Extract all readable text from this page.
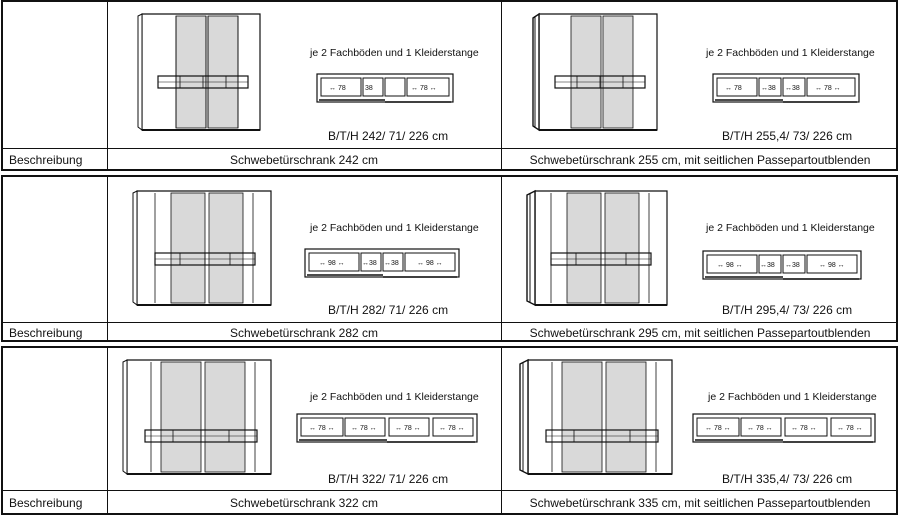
je 2 Fachböden und 1 Kleiderstange
↔ 78	38	↔ 78 ↔
B/T/H 242/ 71/ 226 cm
je 2 Fachböden und 1 Kleiderstange
↔ 78	↔38 ↔38 ↔ 78 ↔
B/T/H 255,4/ 73/ 226 cm
Beschreibung	Schwebetürschrank 242 cm	Schwebetürschrank 255 cm, mit seitlichen Passepartoutblenden
je 2 Fachböden und 1 Kleiderstange
↔ 98 ↔ ↔38 ↔38	↔ 98 ↔
B/T/H 282/ 71/ 226 cm
je 2 Fachböden und 1 Kleiderstange
↔ 98 ↔ ↔38 ↔38	↔ 98 ↔
B/T/H 295,4/ 73/ 226 cm
Beschreibung	Schwebetürschrank 282 cm	Schwebetürschrank 295 cm, mit seitlichen Passepartoutblenden
je 2 Fachböden und 1 Kleiderstange
↔ 78 ↔ ↔ 78 ↔	↔ 78 ↔	↔ 78 ↔
B/T/H 322/ 71/ 226 cm
je 2 Fachböden und 1 Kleiderstange
↔ 78 ↔ ↔ 78 ↔	↔ 78 ↔	↔ 78 ↔
B/T/H 335,4/ 73/ 226 cm
Beschreibung	Schwebetürschrank 322 cm	Schwebetürschrank 335 cm, mit seitlichen Passepartoutblenden
